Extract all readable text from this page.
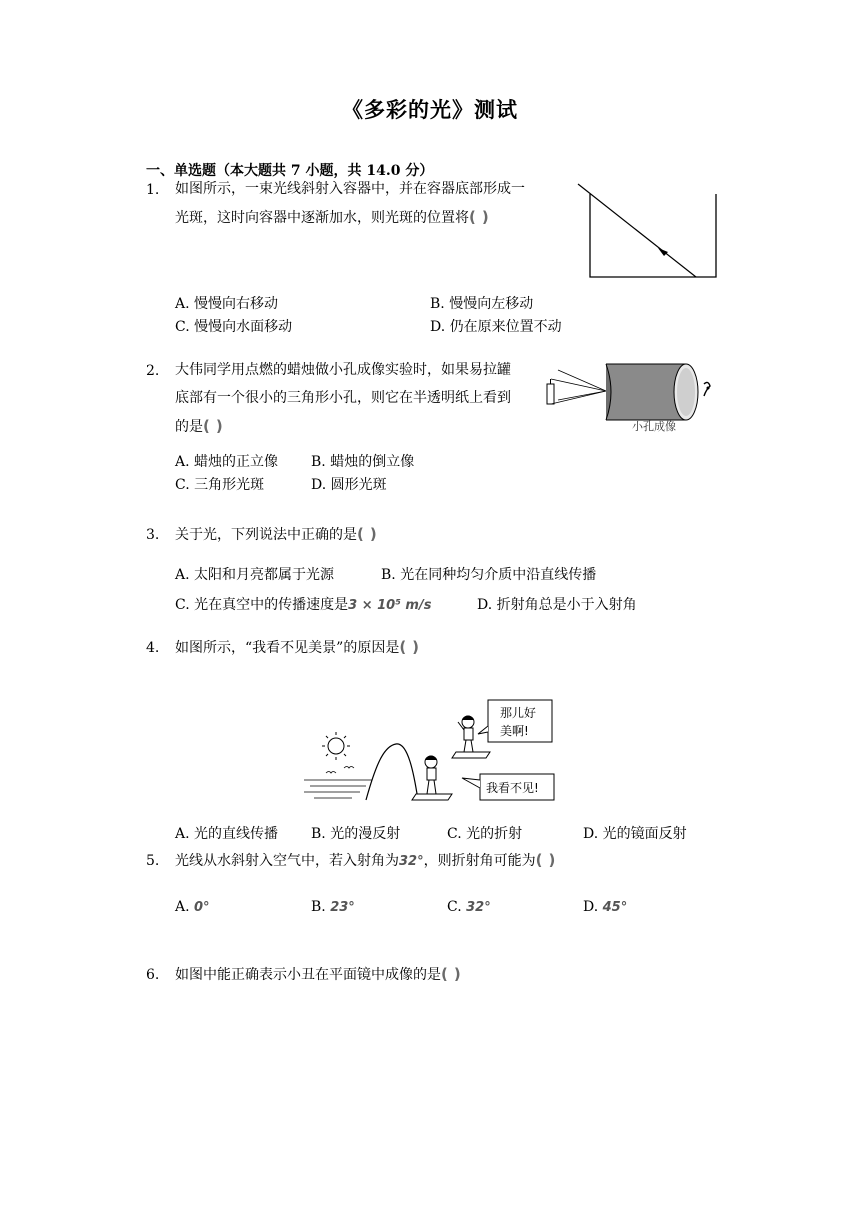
《多彩的光》测试
一、单选题（本大题共 7 小题，共 14.0 分）
1. 如图所示，一束光线斜射入容器中，并在容器底部形成一
光斑，这时向容器中逐渐加水，则光斑的位置将()
A. 慢慢向右移动	B. 慢慢向左移动
C. 慢慢向水面移动	D. 仍在原来位置不动
2. 大伟同学用点燃的蜡烛做小孔成像实验时，如果易拉罐
底部有一个很小的三角形小孔，则它在半透明纸上看到
的是()	小孔成像
A. 蜡烛的正立像 B. 蜡烛的倒立像
C. 三角形光斑	D. 圆形光斑
3. 关于光，下列说法中正确的是()
A. 太阳和月亮都属于光源	B. 光在同种均匀介质中沿直线传播
C. 光在真空中的传播速度是3 × 10⁵ m/s	D. 折射角总是小于入射角
4. 如图所示，“我看不见美景”的原因是()
那儿好
美啊!
我看不见!
A. 光的直线传播 B. 光的漫反射	C. 光的折射	D. 光的镜面反射
5. 光线从水斜射入空气中，若入射角为32°，则折射角可能为()
A. 0°	B. 23°	C. 32°	D. 45°
6. 如图中能正确表示小丑在平面镜中成像的是()
